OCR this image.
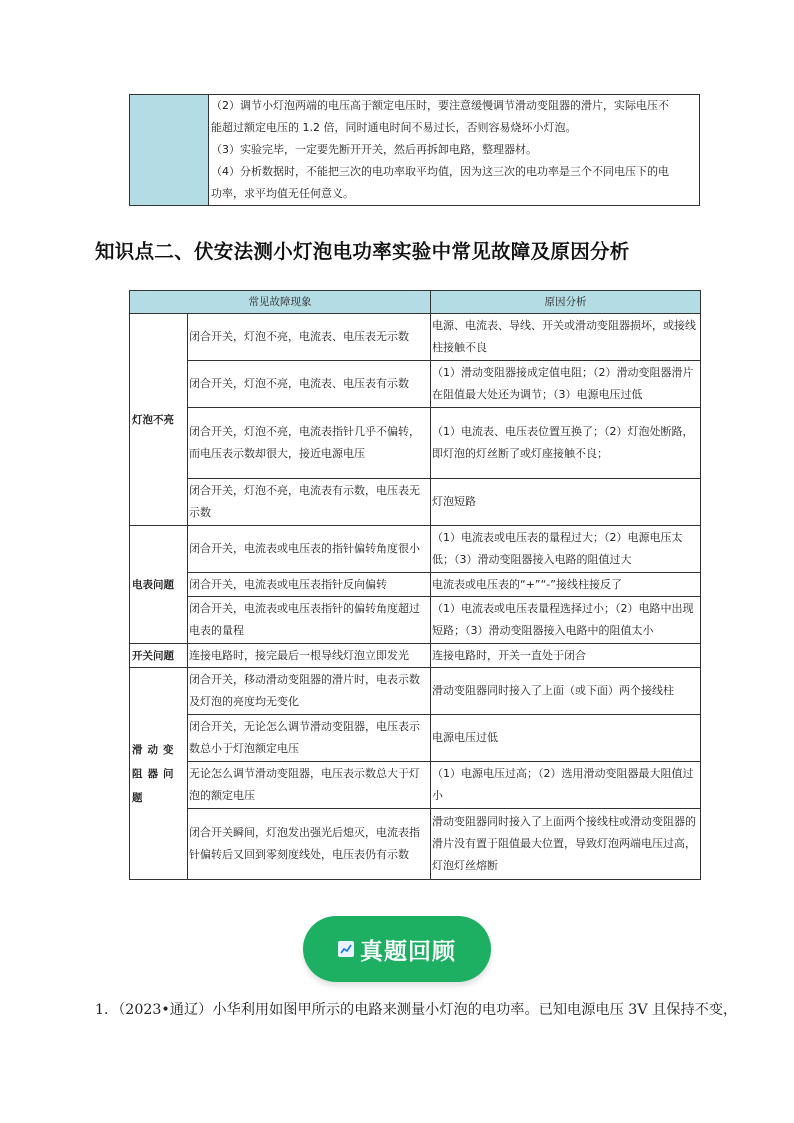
（2）调节小灯泡两端的电压高于额定电压时，要注意缓慢调节滑动变阻器的滑片，实际电压不
能超过额定电压的 1.2 倍，同时通电时间不易过长，否则容易烧坏小灯泡。
（3）实验完毕，一定要先断开开关，然后再拆卸电路，整理器材。
（4）分析数据时，不能把三次的电功率取平均值，因为这三次的电功率是三个不同电压下的电
功率，求平均值无任何意义。
知识点二、伏安法测小灯泡电功率实验中常见故障及原因分析
常见故障现象		原因分析
灯泡不亮	闭合开关，灯泡不亮，电流表、电压表无示数	电源、电流表、导线、开关或滑动变阻器损坏，或接线柱接触不良
	闭合开关，灯泡不亮，电流表、电压表有示数	（1）滑动变阻器接成定值电阻；（2）滑动变阻器滑片在阻值最大处还为调节；（3）电源电压过低
	闭合开关，灯泡不亮，电流表指针几乎不偏转，而电压表示数却很大，接近电源电压	（1）电流表、电压表位置互换了；（2）灯泡处断路，即灯泡的灯丝断了或灯座接触不良；
	闭合开关，灯泡不亮，电流表有示数，电压表无示数	灯泡短路
电表问题	闭合开关，电流表或电压表的指针偏转角度很小	（1）电流表或电压表的量程过大；（2）电源电压太低；（3）滑动变阻器接入电路的阻值过大
	闭合开关，电流表或电压表指针反向偏转	电流表或电压表的“+”“-”接线柱接反了
	闭合开关，电流表或电压表指针的偏转角度超过电表的量程	（1）电流表或电压表量程选择过小；（2）电路中出现短路；（3）滑动变阻器接入电路中的阻值太小
开关问题	连接电路时，接完最后一根导线灯泡立即发光	连接电路时，开关一直处于闭合
滑动变阻器问题	闭合开关，移动滑动变阻器的滑片时，电表示数及灯泡的亮度均无变化	滑动变阻器同时接入了上面（或下面）两个接线柱
	闭合开关，无论怎么调节滑动变阻器，电压表示数总小于灯泡额定电压	电源电压过低
	无论怎么调节滑动变阻器，电压表示数总大于灯泡的额定电压	（1）电源电压过高；（2）选用滑动变阻器最大阻值过小
	闭合开关瞬间，灯泡发出强光后熄灭，电流表指针偏转后又回到零刻度线处，电压表仍有示数	滑动变阻器同时接入了上面两个接线柱或滑动变阻器的滑片没有置于阻值最大位置，导致灯泡两端电压过高，灯泡灯丝熔断
真题回顾

1．（2023•通辽）小华利用如图甲所示的电路来测量小灯泡的电功率。已知电源电压 3V 且保持不变，
